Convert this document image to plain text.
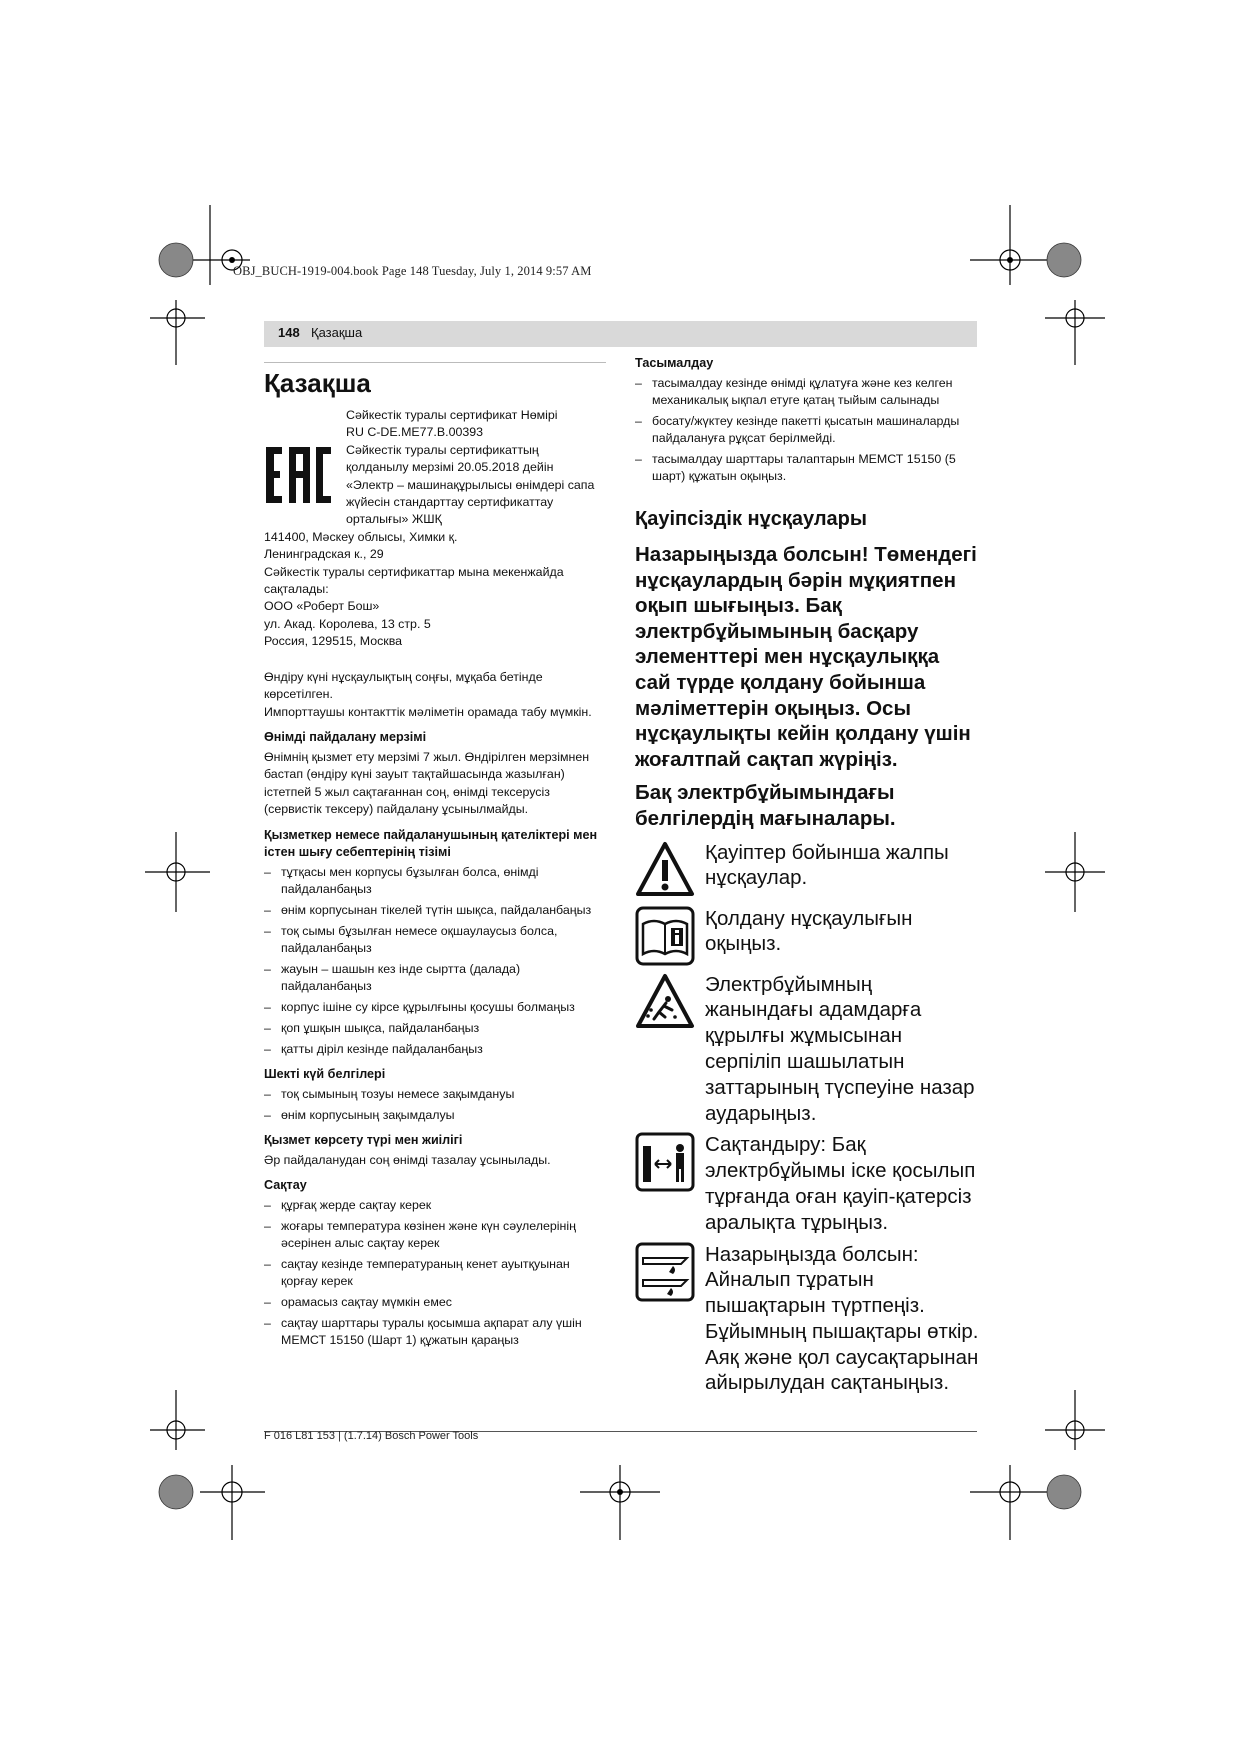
OBJ_BUCH-1919-004.book Page 148 Tuesday, July 1, 2014 9:57 AM
148 Қазақша
Қазақша
Сәйкестік туралы сертификат Нөмірі
RU C-DE.ME77.B.00393
Сәйкестік туралы сертификаттың
қолданылу мерзімі 20.05.2018 дейін
«Электр – машинақұрылысы өнімдері сапа
жүйесін стандарттау сертификаттау
орталығы» ЖШҚ
141400, Мәскеу облысы, Химки қ.
Ленинградская к., 29
Сәйкестік туралы сертификаттар мына мекенжайда
сақталады:
ООО «Роберт Бош»
ул. Акад. Королева, 13 стр. 5
Россия, 129515, Москва
Өндіру күні нұсқаулықтың соңғы, мұқаба бетінде
көрсетілген.
Импорттаушы контакттік мәліметін орамада табу мүмкін.
Өнімді пайдалану мерзімі
Өнімнің қызмет ету мерзімі 7 жыл. Өндірілген мерзімнен
бастап (өндіру күні зауыт тақтайшасында жазылған)
істетпей 5 жыл сақтағаннан соң, өнімді тексерусіз
(сервистік тексеру) пайдалану ұсынылмайды.
Қызметкер немесе пайдаланушының қателіктері мен істен шығу себептерінің тізімі
– тұтқасы мен корпусы бұзылған болса, өнімді пайдаланбаңыз
– өнім корпусынан тікелей түтін шықса, пайдаланбаңыз
– тоқ сымы бұзылған немесе оқшаулаусыз болса, пайдаланбаңыз
– жауын – шашын кез інде сыртта (далада) пайдаланбаңыз
– корпус ішіне су кірсе құрылғыны қосушы болмаңыз
– қоп ұшқын шықса, пайдаланбаңыз
– қатты діріл кезінде пайдаланбаңыз
Шекті күй белгілері
– тоқ сымының тозуы немесе зақымдануы
– өнім корпусының зақымдалуы
Қызмет көрсету түрі мен жиілігі
Әр пайдаланудан соң өнімді тазалау ұсынылады.
Сақтау
– құрғақ жерде сақтау керек
– жоғары температура көзінен және күн сәулелерінің әсерінен алыс сақтау керек
– сақтау кезінде температураның кенет ауытқуынан қорғау керек
– орамасыз сақтау мүмкін емес
– сақтау шарттары туралы қосымша ақпарат алу үшін МЕМСТ 15150 (Шарт 1) құжатын қараңыз
Тасымалдау
– тасымалдау кезінде өнімді құлатуға және кез келген механикалық ықпал етуге қатаң тыйым салынады
– босату/жүктеу кезінде пакетті қысатын машиналарды пайдалануға рұқсат берілмейді.
– тасымалдау шарттары талаптарын МЕМСТ 15150 (5 шарт) құжатын оқыңыз.
Қауіпсіздік нұсқаулары

Назарыңызда болсын! Төмендегі нұсқаулардың бәрін мұқиятпен оқып шығыңыз. Бақ электрбұйымының басқару элементтері мен нұсқаулыққа сай түрде қолдану бойынша мәліметтерін оқыңыз. Осы нұсқаулықты кейін қолдану үшін жоғалтпай сақтап жүріңіз.

Бақ электрбұйымындағы белгілердің мағыналары.

Қауіптер бойынша жалпы нұсқаулар.
Қолдану нұсқаулығын оқыңыз.
Электрбұйымның жанындағы адамдарға құрылғы жұмысынан серпіліп шашылатын заттарының түспеуіне назар аударыңыз.
Сақтандыру: Бақ электрбұйымы іске қосылып тұрғанда оған қауіп-қатерсіз аралықта тұрыңыз.
Назарыңызда болсын: Айналып тұратын пышақтарын түртпеңіз. Бұйымның пышақтары өткір. Аяқ және қол саусақтарынан айырылудан сақтаныңыз.
F 016 L81 153 | (1.7.14) Bosch Power Tools
